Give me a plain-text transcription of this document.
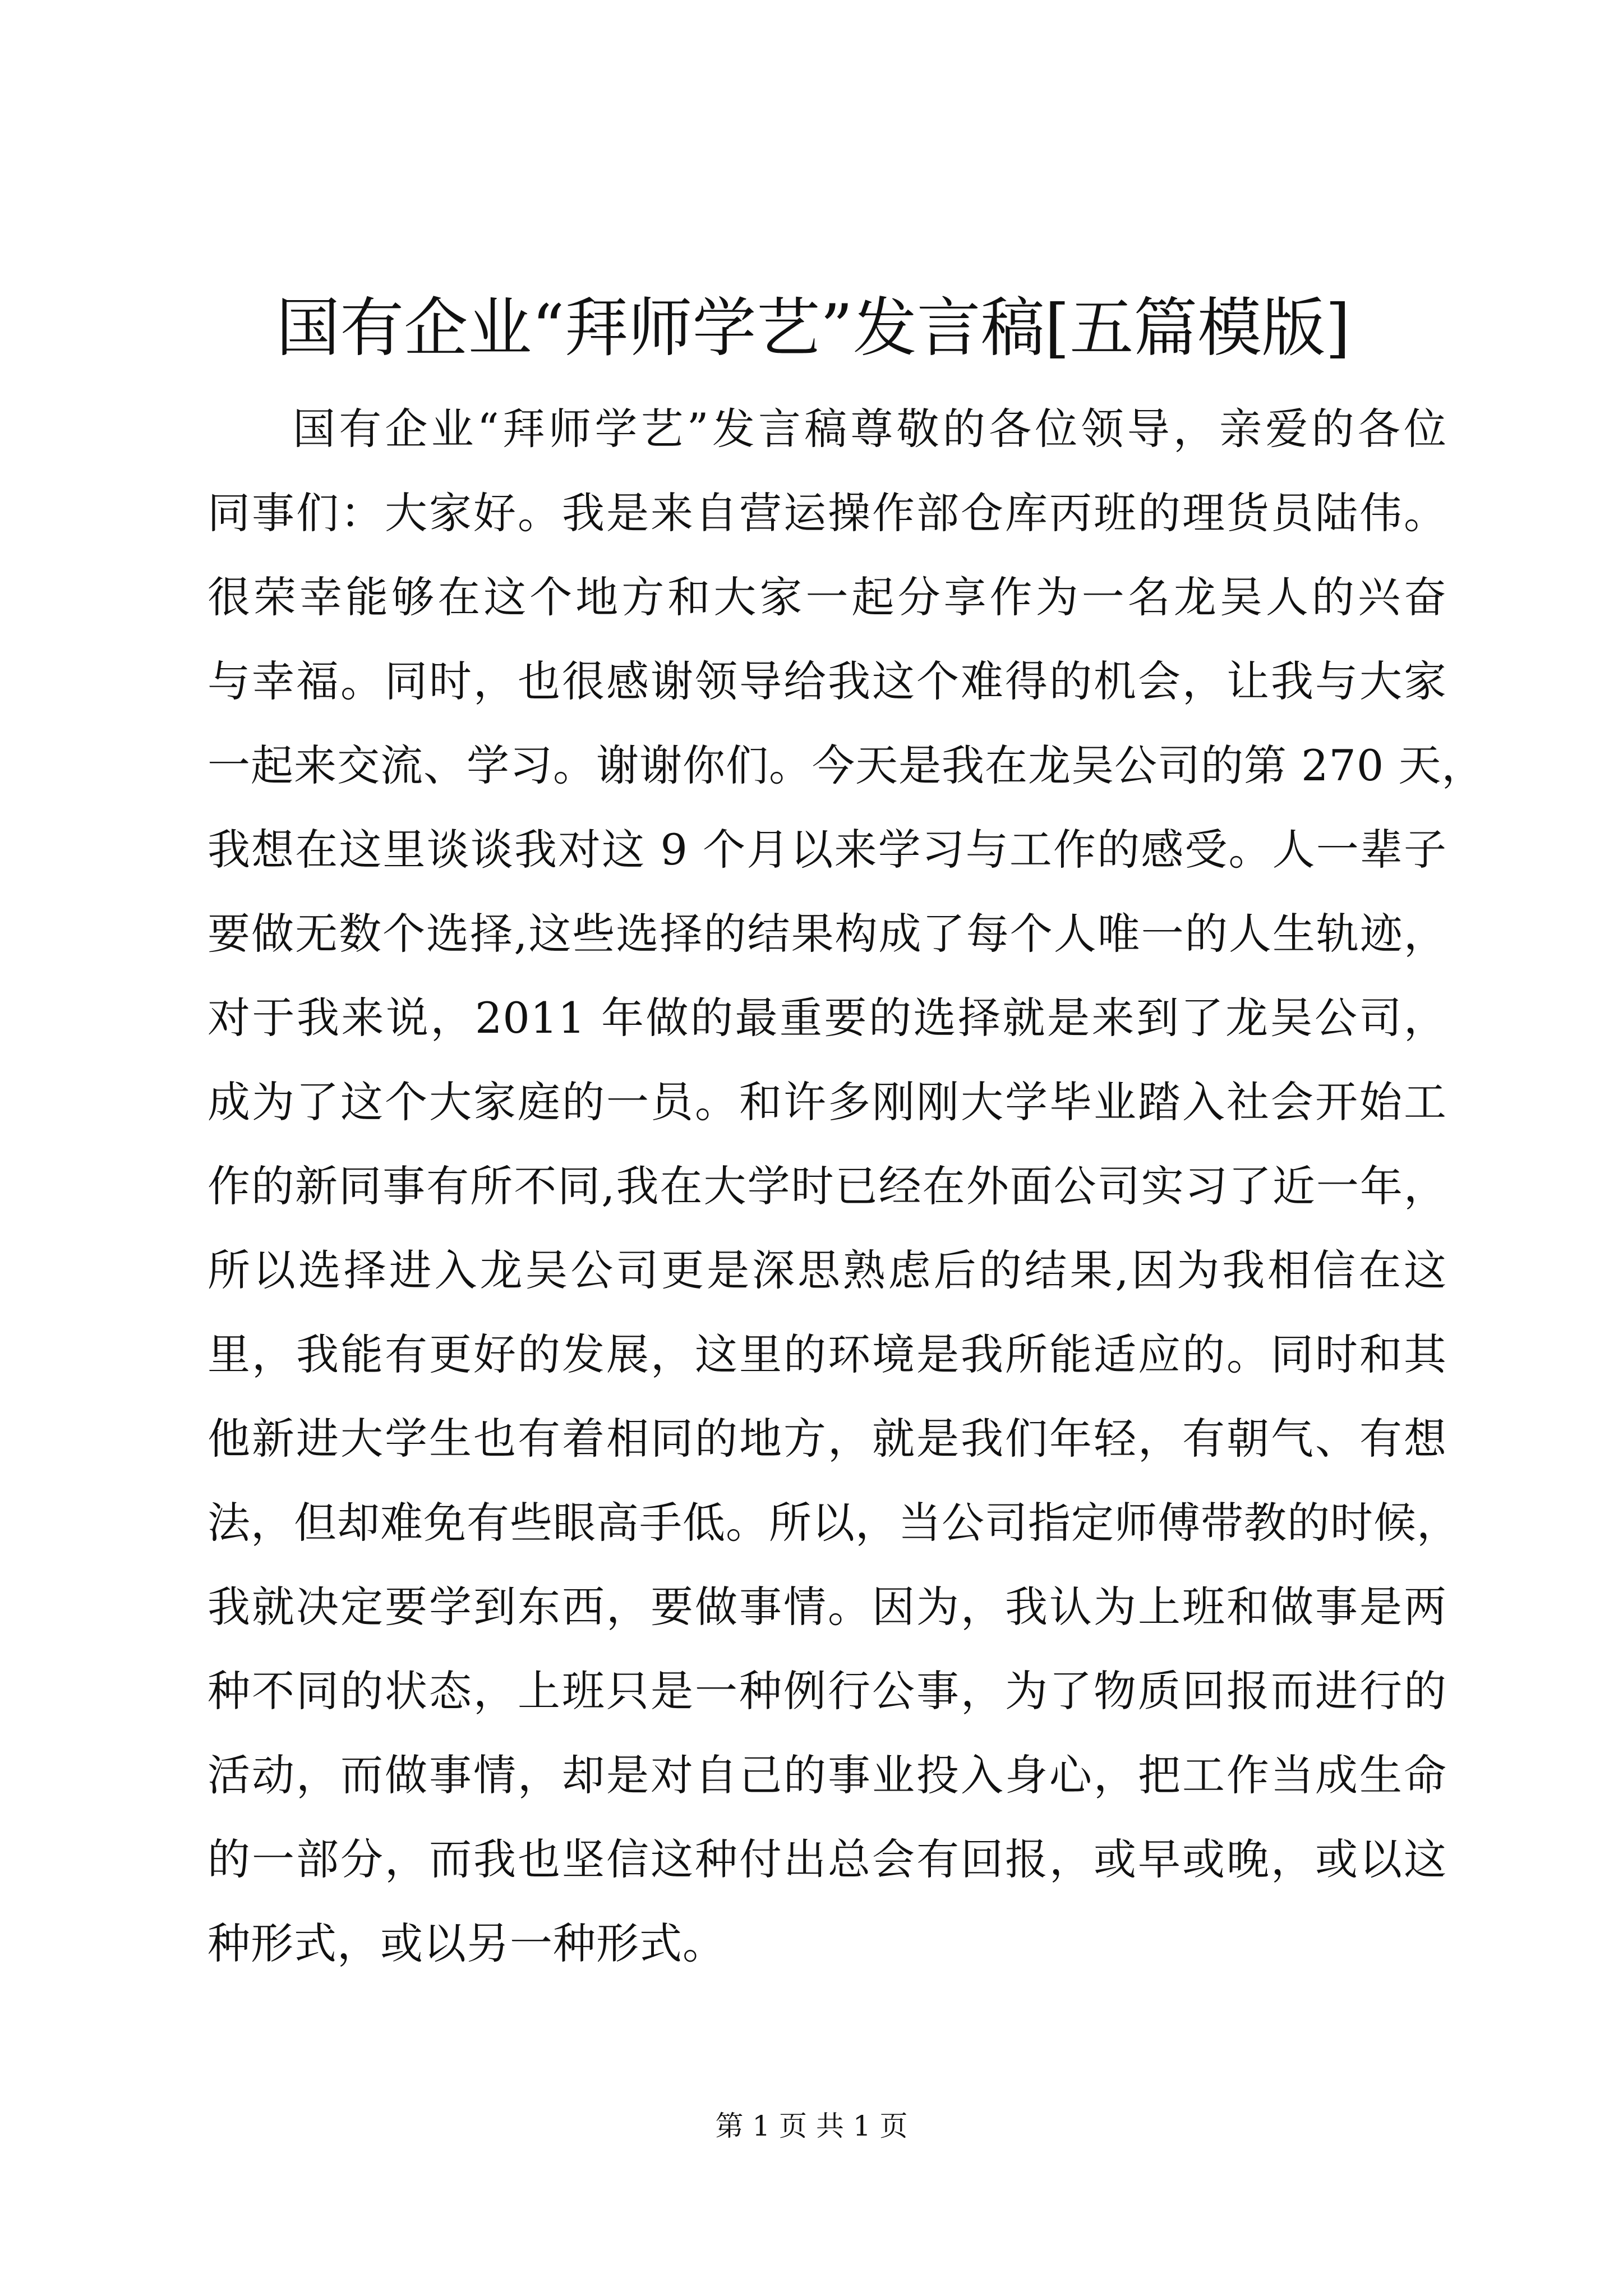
国有企业“拜师学艺”发言稿[五篇模版]
国有企业“拜师学艺”发言稿尊敬的各位领导，亲爱的各位
同事们：大家好。我是来自营运操作部仓库丙班的理货员陆伟。
很荣幸能够在这个地方和大家一起分享作为一名龙吴人的兴奋
与幸福。同时，也很感谢领导给我这个难得的机会，让我与大家
一起来交流、学习。谢谢你们。今天是我在龙吴公司的第 270 天，
我想在这里谈谈我对这 9 个月以来学习与工作的感受。人一辈子
要做无数个选择,这些选择的结果构成了每个人唯一的人生轨迹，
对于我来说，2011 年做的最重要的选择就是来到了龙吴公司，
成为了这个大家庭的一员。和许多刚刚大学毕业踏入社会开始工
作的新同事有所不同,我在大学时已经在外面公司实习了近一年，
所以选择进入龙吴公司更是深思熟虑后的结果,因为我相信在这
里，我能有更好的发展，这里的环境是我所能适应的。同时和其
他新进大学生也有着相同的地方，就是我们年轻，有朝气、有想
法，但却难免有些眼高手低。所以，当公司指定师傅带教的时候，
我就决定要学到东西，要做事情。因为，我认为上班和做事是两
种不同的状态，上班只是一种例行公事，为了物质回报而进行的
活动，而做事情，却是对自己的事业投入身心，把工作当成生命
的一部分，而我也坚信这种付出总会有回报，或早或晚，或以这
种形式，或以另一种形式。
第 1 页 共 1 页
